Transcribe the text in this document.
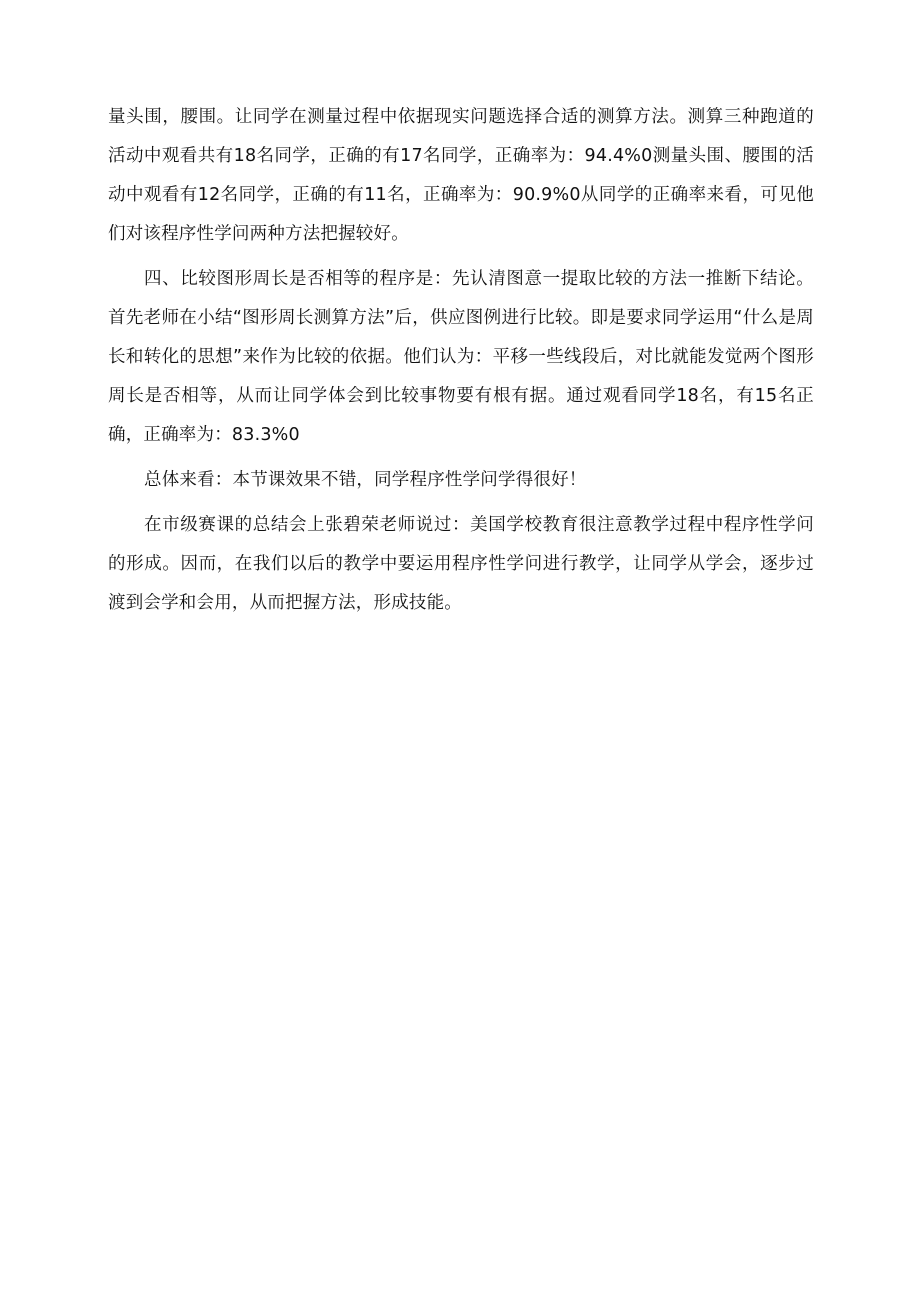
量头围，腰围。让同学在测量过程中依据现实问题选择合适的测算方法。测算三种跑道的活动中观看共有18名同学，正确的有17名同学，正确率为：94.4%0测量头围、腰围的活动中观看有12名同学，正确的有11名，正确率为：90.9%0从同学的正确率来看，可见他们对该程序性学问两种方法把握较好。

四、比较图形周长是否相等的程序是：先认清图意一提取比较的方法一推断下结论。首先老师在小结“图形周长测算方法”后，供应图例进行比较。即是要求同学运用“什么是周长和转化的思想”来作为比较的依据。他们认为：平移一些线段后，对比就能发觉两个图形周长是否相等，从而让同学体会到比较事物要有根有据。通过观看同学18名，有15名正确，正确率为：83.3%0

总体来看：本节课效果不错，同学程序性学问学得很好！

在市级赛课的总结会上张碧荣老师说过：美国学校教育很注意教学过程中程序性学问的形成。因而，在我们以后的教学中要运用程序性学问进行教学，让同学从学会，逐步过渡到会学和会用，从而把握方法，形成技能。
